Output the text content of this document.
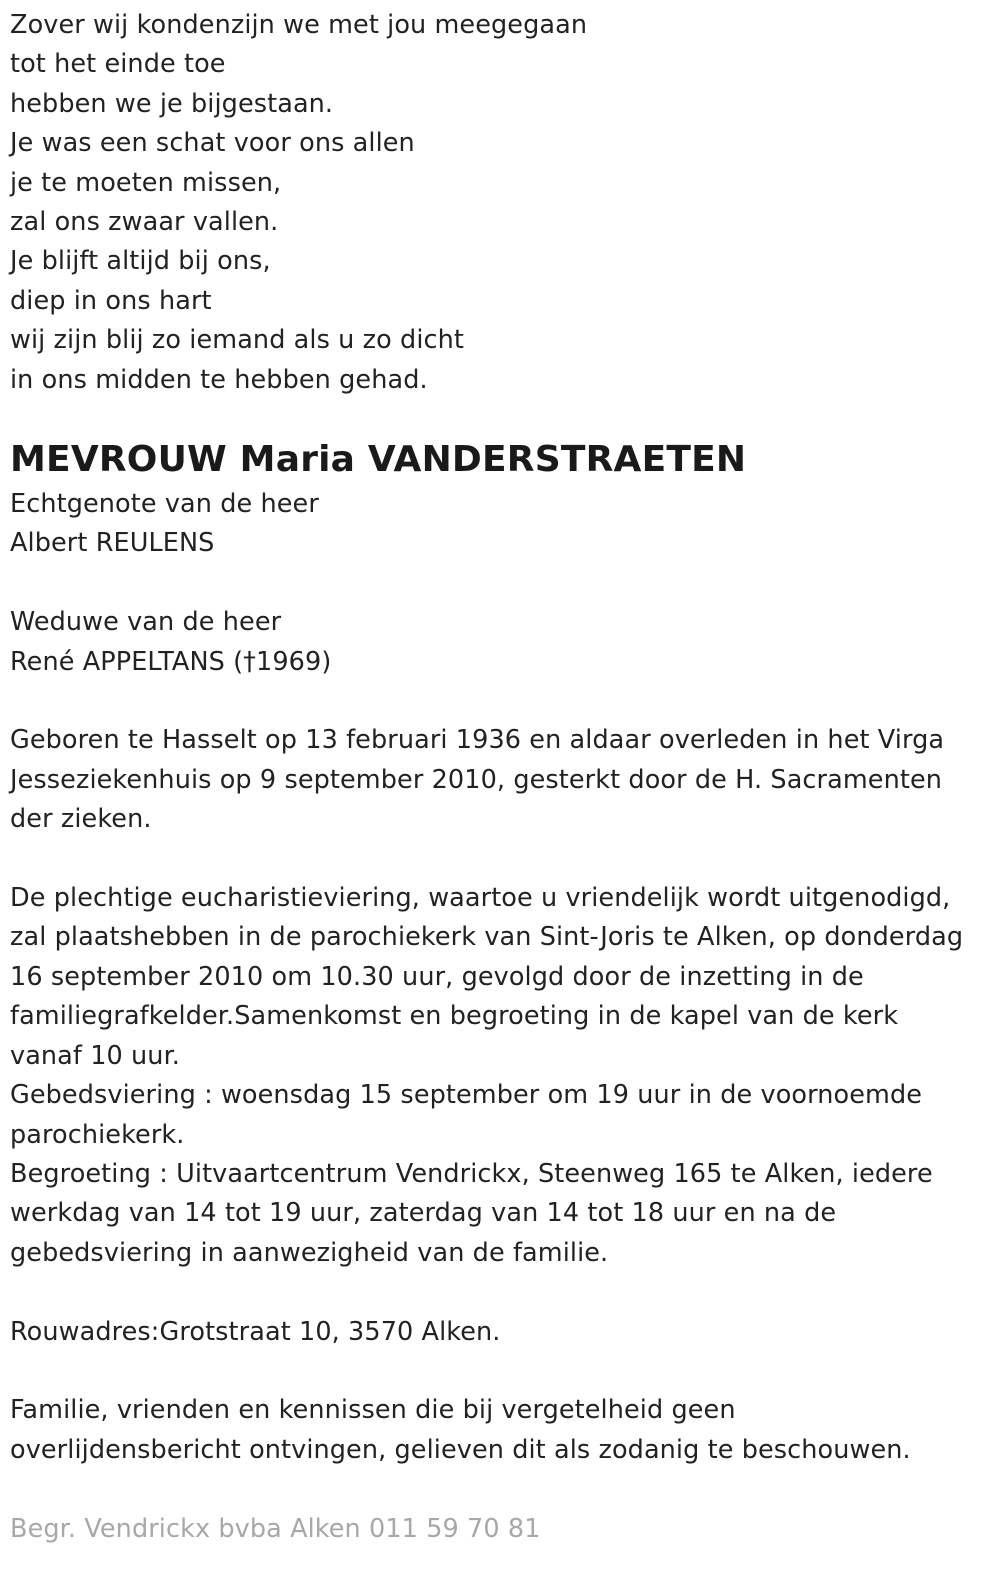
Zover wij kondenzijn we met jou meegegaan
tot het einde toe
hebben we je bijgestaan.
Je was een schat voor ons allen
je te moeten missen,
zal ons zwaar vallen.
Je blijft altijd bij ons,
diep in ons hart
wij zijn blij zo iemand als u zo dicht
in ons midden te hebben gehad.
MEVROUW Maria VANDERSTRAETEN
Echtgenote van de heer
Albert REULENS
Weduwe van de heer
René APPELTANS (†1969)
Geboren te Hasselt op 13 februari 1936 en aldaar overleden in het Virga
Jesseziekenhuis op 9 september 2010, gesterkt door de H. Sacramenten
der zieken.
De plechtige eucharistieviering, waartoe u vriendelijk wordt uitgenodigd,
zal plaatshebben in de parochiekerk van Sint-Joris te Alken, op donderdag
16 september 2010 om 10.30 uur, gevolgd door de inzetting in de
familiegrafkelder.Samenkomst en begroeting in de kapel van de kerk
vanaf 10 uur.
Gebedsviering : woensdag 15 september om 19 uur in de voornoemde
parochiekerk.
Begroeting : Uitvaartcentrum Vendrickx, Steenweg 165 te Alken, iedere
werkdag van 14 tot 19 uur, zaterdag van 14 tot 18 uur en na de
gebedsviering in aanwezigheid van de familie.
Rouwadres:Grotstraat 10, 3570 Alken.
Familie, vrienden en kennissen die bij vergetelheid geen
overlijdensbericht ontvingen, gelieven dit als zodanig te beschouwen.
Begr. Vendrickx bvba Alken 011 59 70 81
